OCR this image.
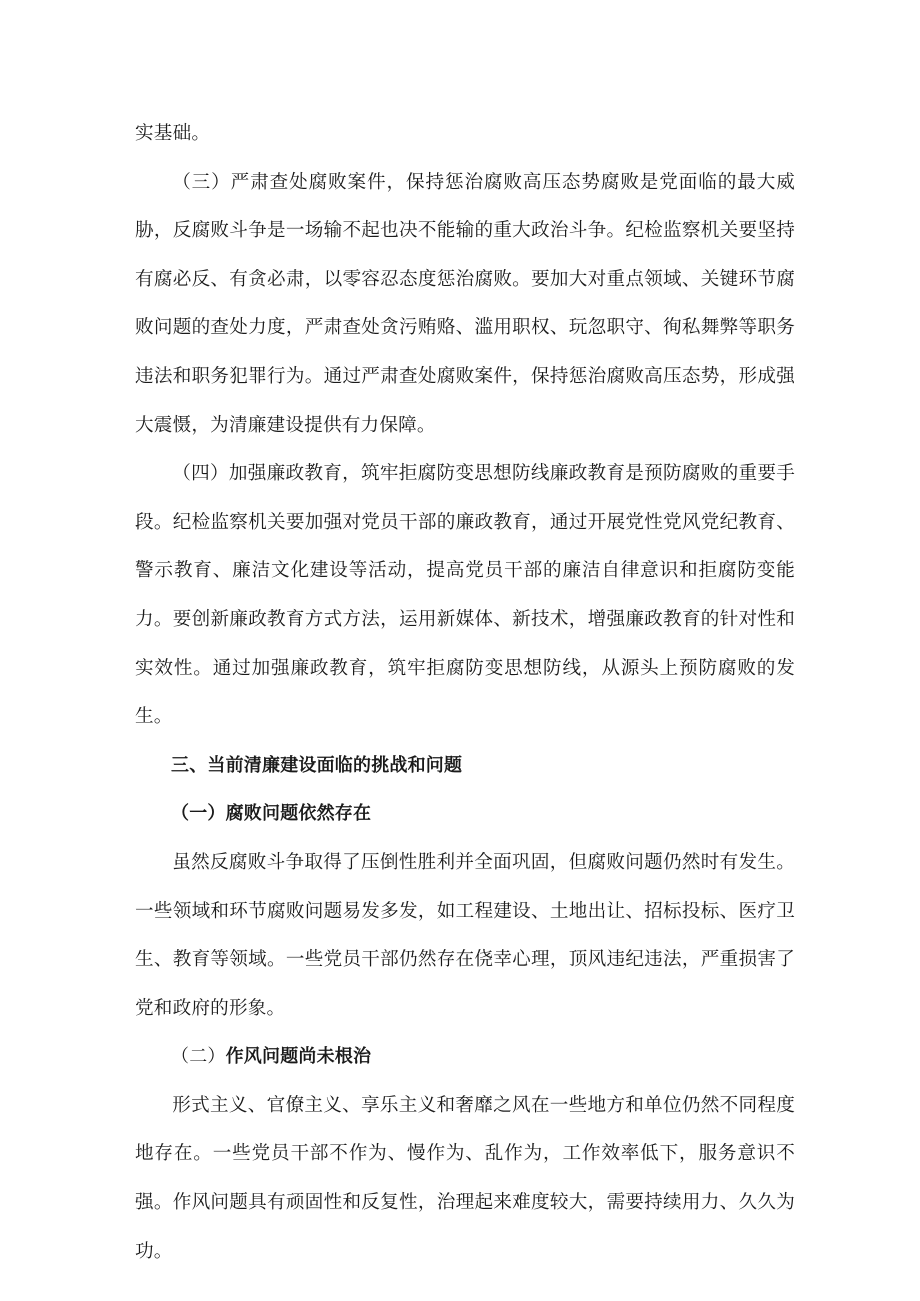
实基础。

（三）严肃查处腐败案件，保持惩治腐败高压态势腐败是党面临的最大威胁，反腐败斗争是一场输不起也决不能输的重大政治斗争。纪检监察机关要坚持有腐必反、有贪必肃，以零容忍态度惩治腐败。要加大对重点领域、关键环节腐败问题的查处力度，严肃查处贪污贿赂、滥用职权、玩忽职守、徇私舞弊等职务违法和职务犯罪行为。通过严肃查处腐败案件，保持惩治腐败高压态势，形成强大震慑，为清廉建设提供有力保障。

（四）加强廉政教育，筑牢拒腐防变思想防线廉政教育是预防腐败的重要手段。纪检监察机关要加强对党员干部的廉政教育，通过开展党性党风党纪教育、警示教育、廉洁文化建设等活动，提高党员干部的廉洁自律意识和拒腐防变能力。要创新廉政教育方式方法，运用新媒体、新技术，增强廉政教育的针对性和实效性。通过加强廉政教育，筑牢拒腐防变思想防线，从源头上预防腐败的发生。

三、当前清廉建设面临的挑战和问题

（一）腐败问题依然存在

虽然反腐败斗争取得了压倒性胜利并全面巩固，但腐败问题仍然时有发生。一些领域和环节腐败问题易发多发，如工程建设、土地出让、招标投标、医疗卫生、教育等领域。一些党员干部仍然存在侥幸心理，顶风违纪违法，严重损害了党和政府的形象。

（二）作风问题尚未根治

形式主义、官僚主义、享乐主义和奢靡之风在一些地方和单位仍然不同程度地存在。一些党员干部不作为、慢作为、乱作为，工作效率低下，服务意识不强。作风问题具有顽固性和反复性，治理起来难度较大，需要持续用力、久久为功。
